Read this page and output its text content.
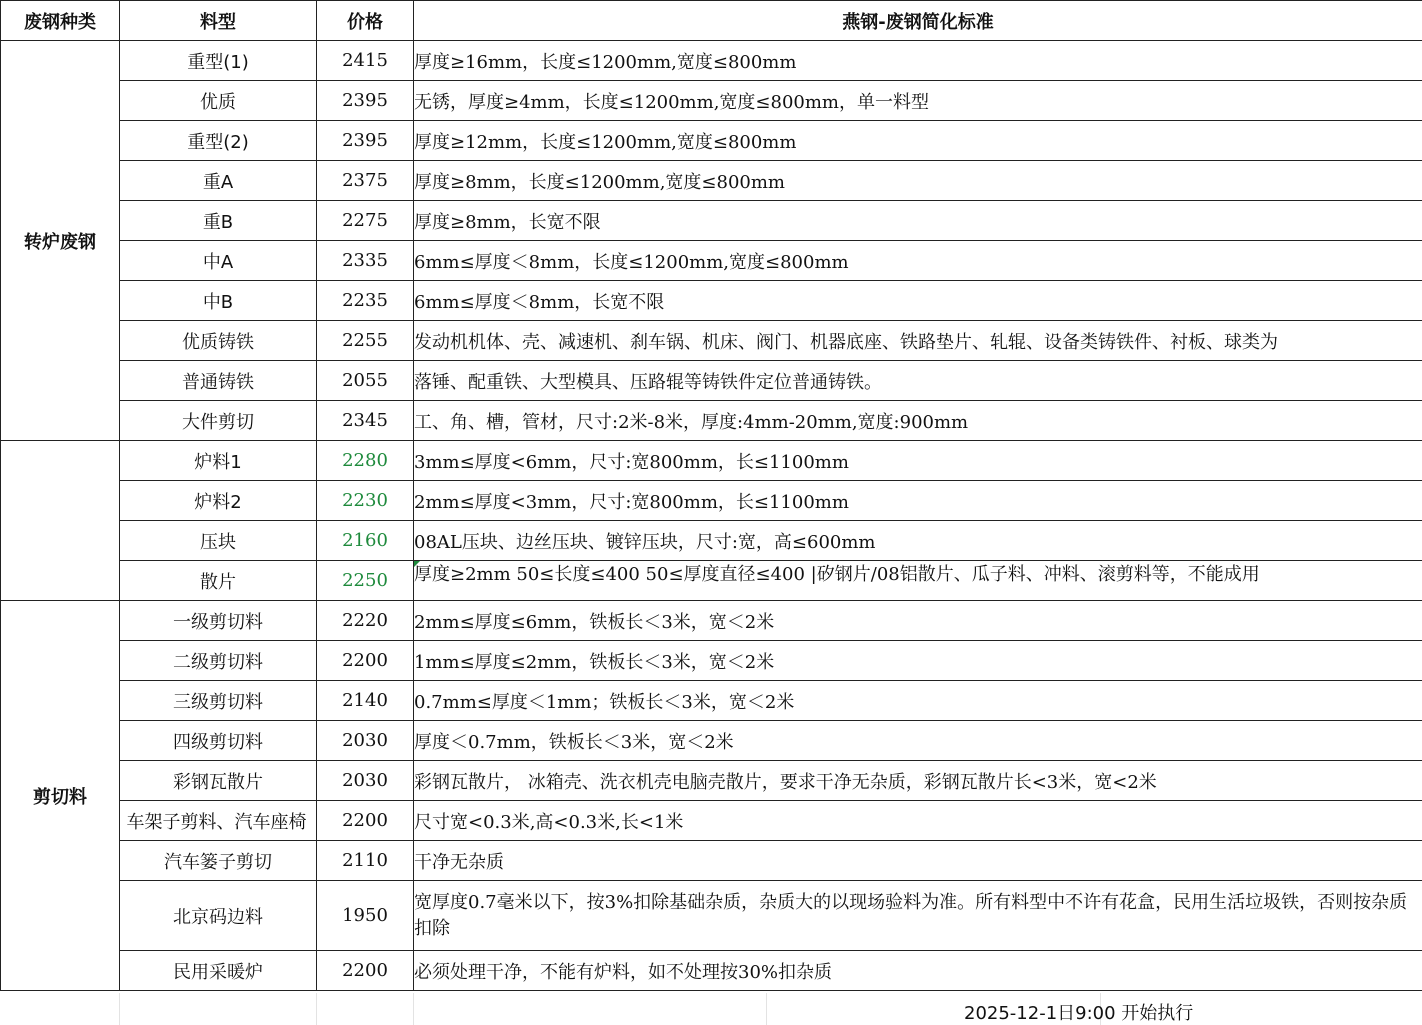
废钢种类	料型	价格	燕钢-废钢简化标准
转炉废钢	重型(1)	2415	厚度≥16mm，长度≤1200mm,宽度≤800mm
	优质	2395	无锈，厚度≥4mm，长度≤1200mm,宽度≤800mm，单一料型
	重型(2)	2395	厚度≥12mm，长度≤1200mm,宽度≤800mm
	重A	2375	厚度≥8mm，长度≤1200mm,宽度≤800mm
	重B	2275	厚度≥8mm，长宽不限
	中A	2335	6mm≤厚度＜8mm，长度≤1200mm,宽度≤800mm
	中B	2235	6mm≤厚度＜8mm，长宽不限
	优质铸铁	2255	发动机机体、壳、减速机、刹车锅、机床、阀门、机器底座、铁路垫片、轧辊、设备类铸铁件、衬板、球类为
	普通铸铁	2055	落锤、配重铁、大型模具、压路辊等铸铁件定位普通铸铁。
	大件剪切	2345	工、角、槽，管材，尺寸:2米-8米，厚度:4mm-20mm,宽度:900mm
	炉料1	2280	3mm≤厚度<6mm，尺寸:宽800mm，长≤1100mm
	炉料2	2230	2mm≤厚度<3mm，尺寸:宽800mm，长≤1100mm
	压块	2160	08AL压块、边丝压块、镀锌压块，尺寸:宽，高≤600mm
	散片	2250	厚度≥2mm 50≤长度≤400 50≤厚度直径≤400 |矽钢片/08铝散片、瓜子料、冲料、滚剪料等，不能成用
剪切料	一级剪切料	2220	2mm≤厚度≤6mm，铁板长＜3米，宽＜2米
	二级剪切料	2200	1mm≤厚度≤2mm，铁板长＜3米，宽＜2米
	三级剪切料	2140	0.7mm≤厚度＜1mm；铁板长＜3米，宽＜2米
	四级剪切料	2030	厚度＜0.7mm，铁板长＜3米，宽＜2米
	彩钢瓦散片	2030	彩钢瓦散片， 冰箱壳、洗衣机壳电脑壳散片，要求干净无杂质，彩钢瓦散片长<3米，宽<2米

	车架子剪料、汽车座椅	2200	尺寸宽<0.3米,高<0.3米,长<1米
	汽车篓子剪切	2110	干净无杂质
	北京码边料	1950	宽厚度0.7毫米以下，按3%扣除基础杂质，杂质大的以现场验料为准。所有料型中不许有花盒，民用生活垃圾铁，否则按杂质扣除
	民用采暖炉	2200	必须处理干净，不能有炉料，如不处理按30%扣杂质
2025-12-1日9:00 开始执行
